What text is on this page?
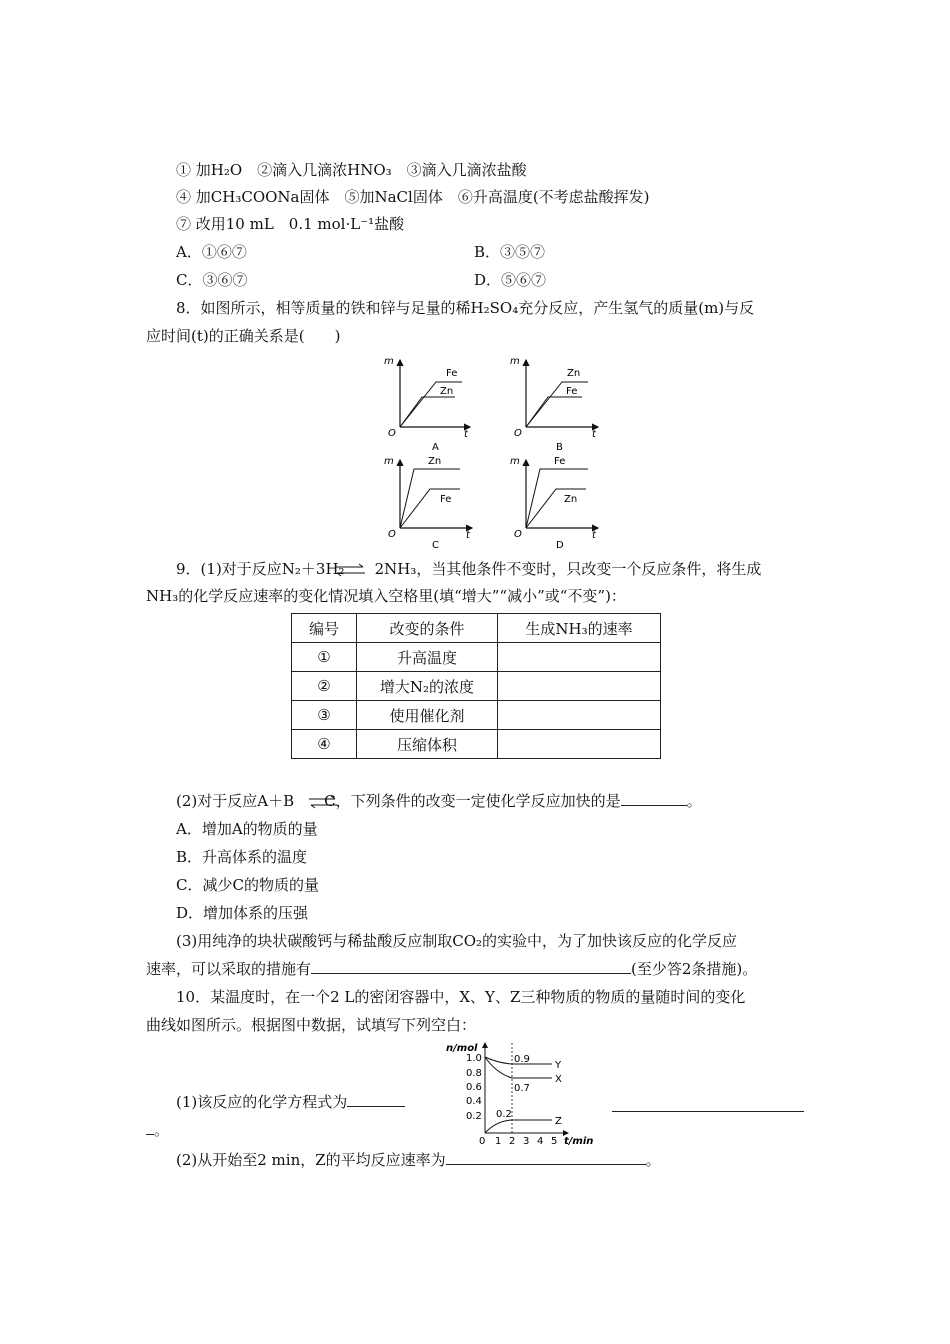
① 加H₂O　②滴入几滴浓HNO₃　③滴入几滴浓盐酸
④ 加CH₃COONa固体　⑤加NaCl固体　⑥升高温度(不考虑盐酸挥发)
⑦ 改用10 mL　0.1 mol·L⁻¹盐酸
A．①⑥⑦	B．③⑤⑦
C．③⑥⑦	D．⑤⑥⑦
8．如图所示，相等质量的铁和锌与足量的稀H₂SO₄充分反应，产生氢气的质量(m)与反
应时间(t)的正确关系是(　　)
m
t
O
Fe
Zn
A
m
t
O
Zn
Fe
B
m
t
O
Zn
Fe
C
m
t
O
Fe
Zn
D
9．(1)对于反应N₂＋3H₂　　2NH₃，当其他条件不变时，只改变一个反应条件，将生成
NH₃的化学反应速率的变化情况填入空格里(填“增大”“减小”或“不变”)：
编号	改变的条件	生成NH₃的速率
①	升高温度	
②	增大N₂的浓度	
③	使用催化剂	
④	压缩体积	
(2)对于反应A＋B　　C，下列条件的改变一定使化学反应加快的是	。
A．增加A的物质的量
B．升高体系的温度
C．减少C的物质的量
D．增加体系的压强
(3)用纯净的块状碳酸钙与稀盐酸反应制取CO₂的实验中，为了加快该反应的化学反应
速率，可以采取的措施有	(至少答2条措施)。
10．某温度时，在一个2 L的密闭容器中，X、Y、Z三种物质的物质的量随时间的变化
曲线如图所示。根据图中数据，试填写下列空白：
(1)该反应的化学方程式为
。
n/mol
t/min
1.0
0.8
0.6
0.4
0.2
0 1 2 3 4 5
0.9
0.7
0.2
Y
X
Z
(2)从开始至2 min，Z的平均反应速率为	。
